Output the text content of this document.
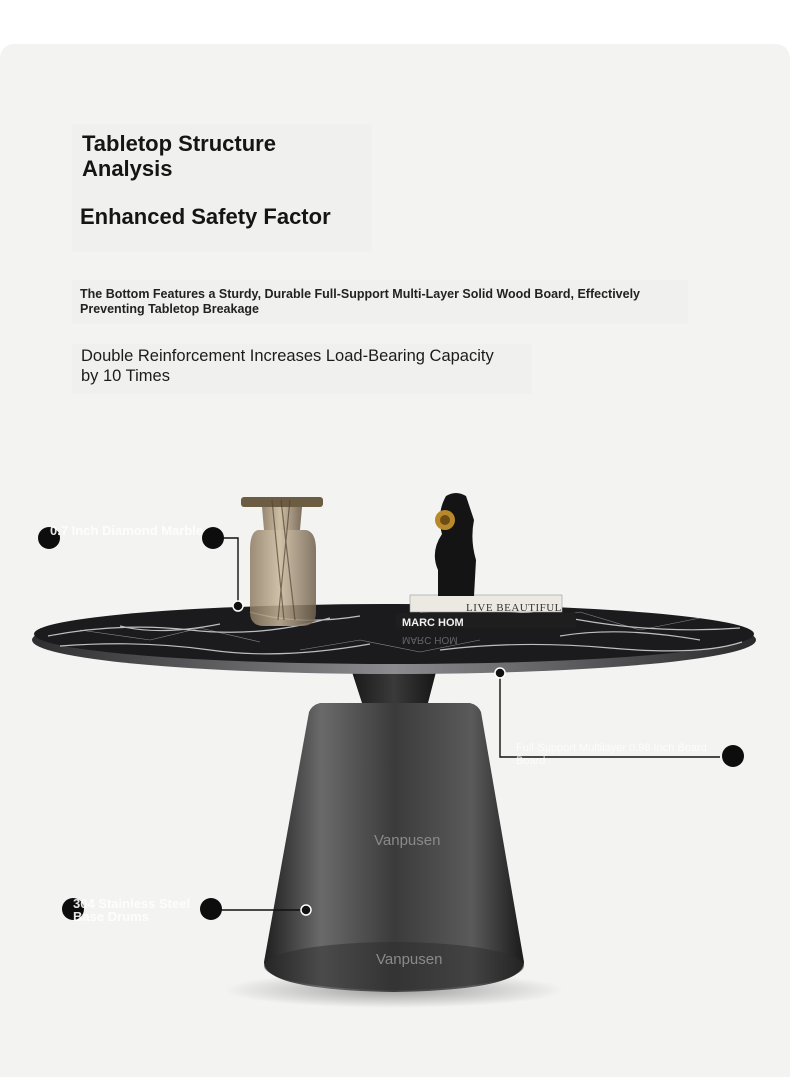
Tabletop Structure Analysis
Enhanced Safety Factor
The Bottom Features a Sturdy, Durable Full-Support Multi-Layer Solid Wood Board, Effectively Preventing Tabletop Breakage
Double Reinforcement Increases Load-Bearing Capacity by 10 Times
LIVE BEAUTIFUL
MARC HOM
MARC HOM
Vanpusen
Vanpusen
0.7 Inch Diamond Marble
Full-Support Multilayer 0.98 Inch Board Board
304 Stainless Steel Base Drums
